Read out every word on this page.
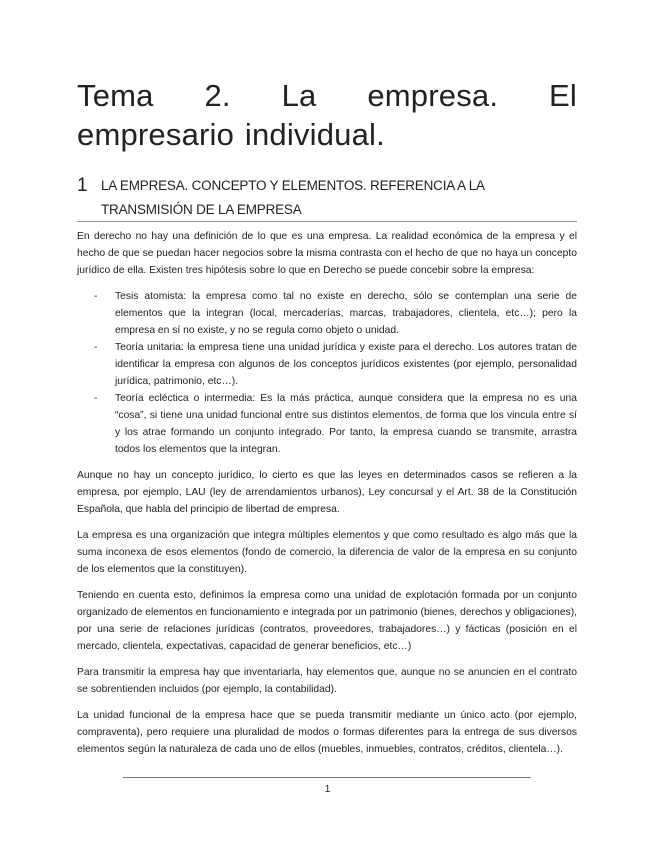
Tema 2. La empresa. El empresario individual.
1 LA EMPRESA. CONCEPTO Y ELEMENTOS. REFERENCIA A LA TRANSMISIÓN DE LA EMPRESA

En derecho no hay una definición de lo que es una empresa. La realidad económica de la empresa y el hecho de que se puedan hacer negocios sobre la misma contrasta con el hecho de que no haya un concepto jurídico de ella. Existen tres hipótesis sobre lo que en Derecho se puede concebir sobre la empresa:

- Tesis atomista: la empresa como tal no existe en derecho, sólo se contemplan una serie de elementos que la integran (local, mercaderías, marcas, trabajadores, clientela, etc…); pero la empresa en sí no existe, y no se regula como objeto o unidad.
- Teoría unitaria: la empresa tiene una unidad jurídica y existe para el derecho. Los autores tratan de identificar la empresa con algunos de los conceptos jurídicos existentes (por ejemplo, personalidad jurídica, patrimonio, etc…).
- Teoría ecléctica o intermedia: Es la más práctica, aunque considera que la empresa no es una “cosa”, si tiene una unidad funcional entre sus distintos elementos, de forma que los vincula entre sí y los atrae formando un conjunto integrado. Por tanto, la empresa cuando se transmite, arrastra todos los elementos que la integran.

Aunque no hay un concepto jurídico, lo cierto es que las leyes en determinados casos se refieren a la empresa, por ejemplo, LAU (ley de arrendamientos urbanos), Ley concursal y el Art. 38 de la Constitución Española, que habla del principio de libertad de empresa.

La empresa es una organización que integra múltiples elementos y que como resultado es algo más que la suma inconexa de esos elementos (fondo de comercio, la diferencia de valor de la empresa en su conjunto de los elementos que la constituyen).

Teniendo en cuenta esto, definimos la empresa como una unidad de explotación formada por un conjunto organizado de elementos en funcionamiento e integrada por un patrimonio (bienes, derechos y obligaciones), por una serie de relaciones jurídicas (contratos, proveedores, trabajadores…) y fácticas (posición en el mercado, clientela, expectativas, capacidad de generar beneficios, etc…)

Para transmitir la empresa hay que inventariarla, hay elementos que, aunque no se anuncien en el contrato se sobrentienden incluidos (por ejemplo, la contabilidad).

La unidad funcional de la empresa hace que se pueda transmitir mediante un único acto (por ejemplo, compraventa), pero requiere una pluralidad de modos o formas diferentes para la entrega de sus diversos elementos según la naturaleza de cada uno de ellos (muebles, inmuebles, contratos, créditos, clientela…).

1
